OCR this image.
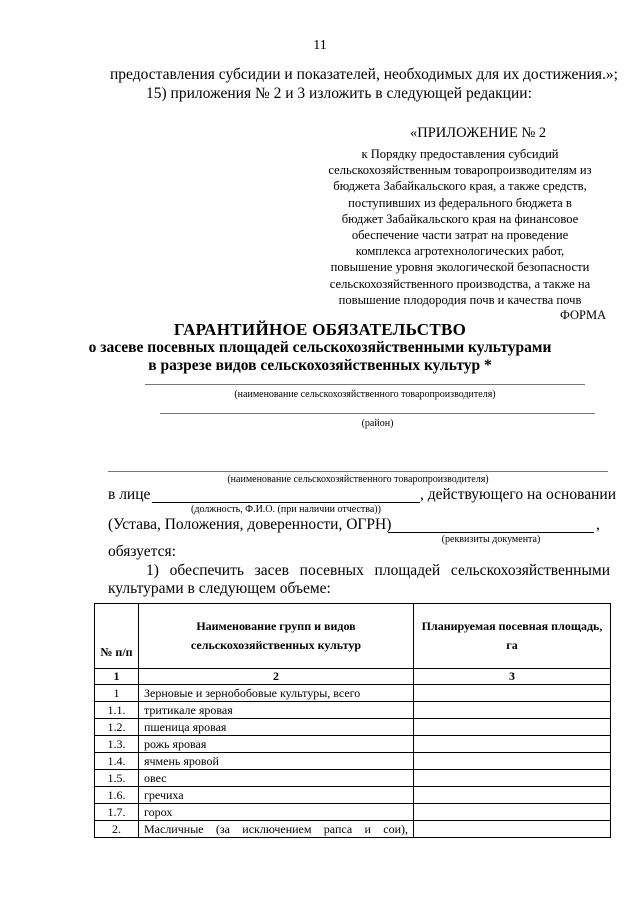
11
предоставления субсидии и показателей, необходимых для их достижения.»;
15) приложения № 2 и 3 изложить в следующей редакции:
«ПРИЛОЖЕНИЕ № 2
к Порядку предоставления субсидий
сельскохозяйственным товаропроизводителям из
бюджета Забайкальского края, а также средств,
поступивших из федерального бюджета в
бюджет Забайкальского края на финансовое
обеспечение части затрат на проведение
комплекса агротехнологических работ,
повышение уровня экологической безопасности
сельскохозяйственного производства, а также на
повышение плодородия почв и качества почв
ФОРМА
ГАРАНТИЙНОЕ ОБЯЗАТЕЛЬСТВО
о засеве посевных площадей сельскохозяйственными культурами
в разрезе видов сельскохозяйственных культур *
(наименование сельскохозяйственного товаропроизводителя)
(район)
(наименование сельскохозяйственного товаропроизводителя)
в лице	, действующего на основании
(должность, Ф.И.О. (при наличии отчества))
(Устава, Положения, доверенности, ОГРН)	,
(реквизиты документа)
обязуется:
1) обеспечить засев посевных площадей сельскохозяйственными
культурами в следующем объеме:
№ п/п	Наименование групп и видов сельскохозяйственных культур	Планируемая посевная площадь, га
1	2	3
1	Зерновые и зернобобовые культуры, всего	
1.1.	тритикале яровая	
1.2.	пшеница яровая	
1.3.	рожь яровая	
1.4.	ячмень яровой	
1.5.	овес	
1.6.	гречиха	
1.7.	горох	
2.	Масличные (за исключением рапса и сои),	
